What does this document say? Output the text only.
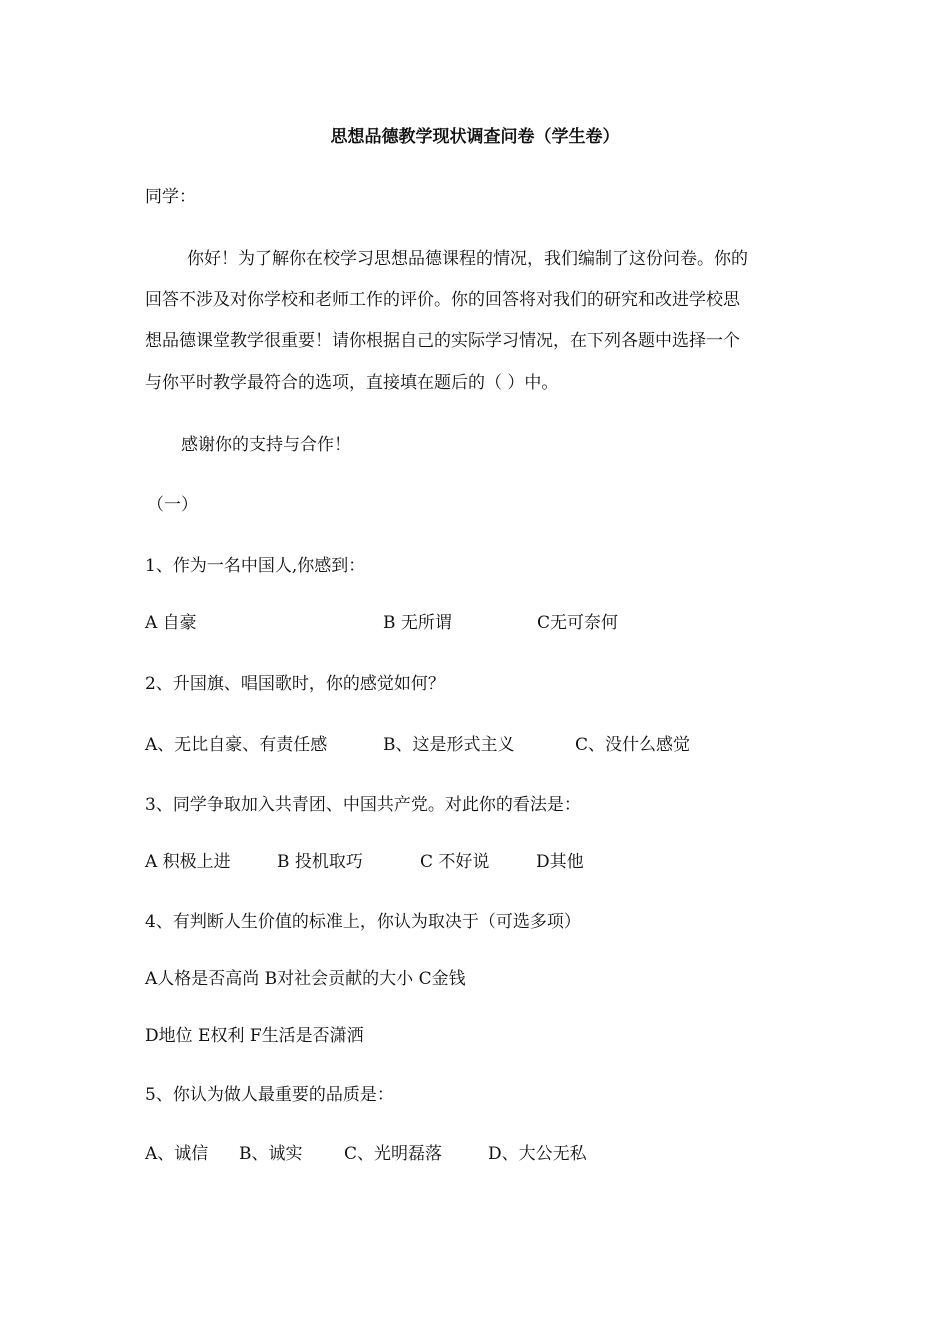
思想品德教学现状调查问卷（学生卷）
同学：
你好！为了解你在校学习思想品德课程的情况，我们编制了这份问卷。你的
回答不涉及对你学校和老师工作的评价。你的回答将对我们的研究和改进学校思
想品德课堂教学很重要！请你根据自己的实际学习情况，在下列各题中选择一个
与你平时教学最符合的选项，直接填在题后的（ ）中。
感谢你的支持与合作！
（一）
1、作为一名中国人,你感到：
A 自豪	B 无所谓	C无可奈何
2、升国旗、唱国歌时，你的感觉如何？
A、无比自豪、有责任感	B、这是形式主义	C、没什么感觉
3、同学争取加入共青团、中国共产党。对此你的看法是：
A 积极上进	B 投机取巧	C 不好说	D其他
4、有判断人生价值的标准上，你认为取决于（可选多项）
A人格是否高尚 B对社会贡献的大小 C金钱
D地位 E权利 F生活是否潇洒
5、你认为做人最重要的品质是：
A、诚信 B、诚实 C、光明磊落	D、大公无私
